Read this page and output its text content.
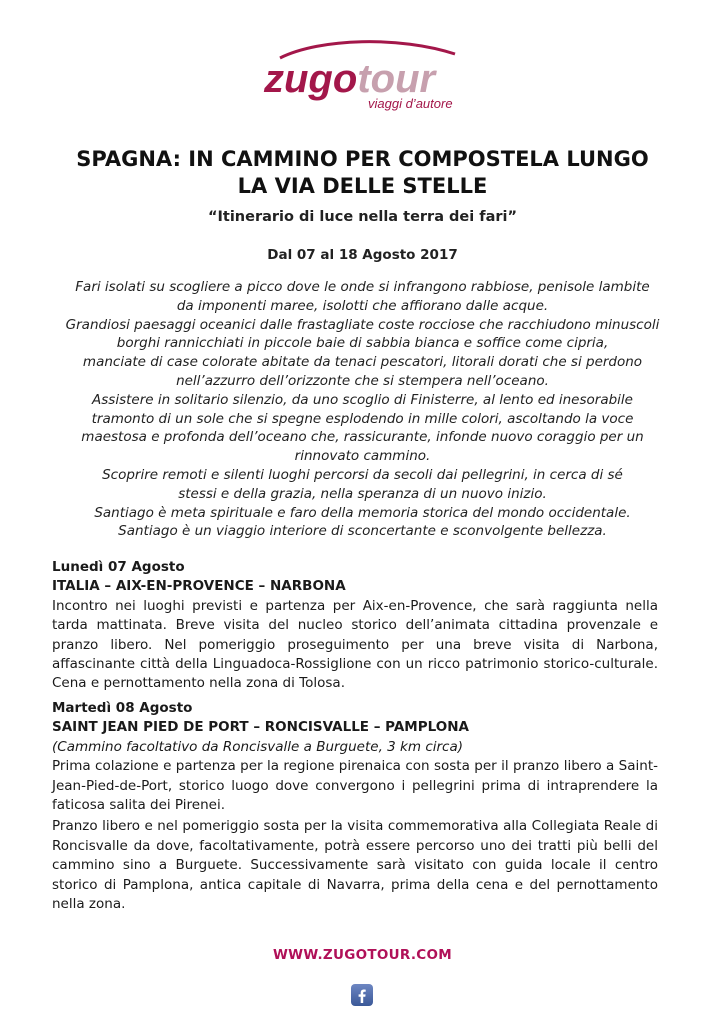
zugotour
viaggi d’autore
SPAGNA: IN CAMMINO PER COMPOSTELA LUNGO
LA VIA DELLE STELLE
“Itinerario di luce nella terra dei fari”
Dal 07 al 18 Agosto 2017
Fari isolati su scogliere a picco dove le onde si infrangono rabbiose, penisole lambite
da imponenti maree, isolotti che affiorano dalle acque.
Grandiosi paesaggi oceanici dalle frastagliate coste rocciose che racchiudono minuscoli
borghi rannicchiati in piccole baie di sabbia bianca e soffice come cipria,
manciate di case colorate abitate da tenaci pescatori, litorali dorati che si perdono
nell’azzurro dell’orizzonte che si stempera nell’oceano.
Assistere in solitario silenzio, da uno scoglio di Finisterre, al lento ed inesorabile
tramonto di un sole che si spegne esplodendo in mille colori, ascoltando la voce
maestosa e profonda dell’oceano che, rassicurante, infonde nuovo coraggio per un
rinnovato cammino.
Scoprire remoti e silenti luoghi percorsi da secoli dai pellegrini, in cerca di sé
stessi e della grazia, nella speranza di un nuovo inizio.
Santiago è meta spirituale e faro della memoria storica del mondo occidentale.
Santiago è un viaggio interiore di sconcertante e sconvolgente bellezza.
Lunedì 07 Agosto
ITALIA – AIX-EN-PROVENCE – NARBONA

Incontro nei luoghi previsti e partenza per Aix-en-Provence, che sarà raggiunta nella tarda mattinata. Breve visita del nucleo storico dell’animata cittadina provenzale e pranzo libero. Nel pomeriggio proseguimento per una breve visita di Narbona, affascinante città della Linguadoca-Rossiglione con un ricco patrimonio storico-culturale. Cena e pernottamento nella zona di Tolosa.

Martedì 08 Agosto
SAINT JEAN PIED DE PORT – RONCISVALLE – PAMPLONA
(Cammino facoltativo da Roncisvalle a Burguete, 3 km circa)

Prima colazione e partenza per la regione pirenaica con sosta per il pranzo libero a Saint-Jean-Pied-de-Port, storico luogo dove convergono i pellegrini prima di intraprendere la faticosa salita dei Pirenei.

Pranzo libero e nel pomeriggio sosta per la visita commemorativa alla Collegiata Reale di Roncisvalle da dove, facoltativamente, potrà essere percorso uno dei tratti più belli del cammino sino a Burguete. Successivamente sarà visitato con guida locale il centro storico di Pamplona, antica capitale di Navarra, prima della cena e del pernottamento nella zona.

WWW.ZUGOTOUR.COM
